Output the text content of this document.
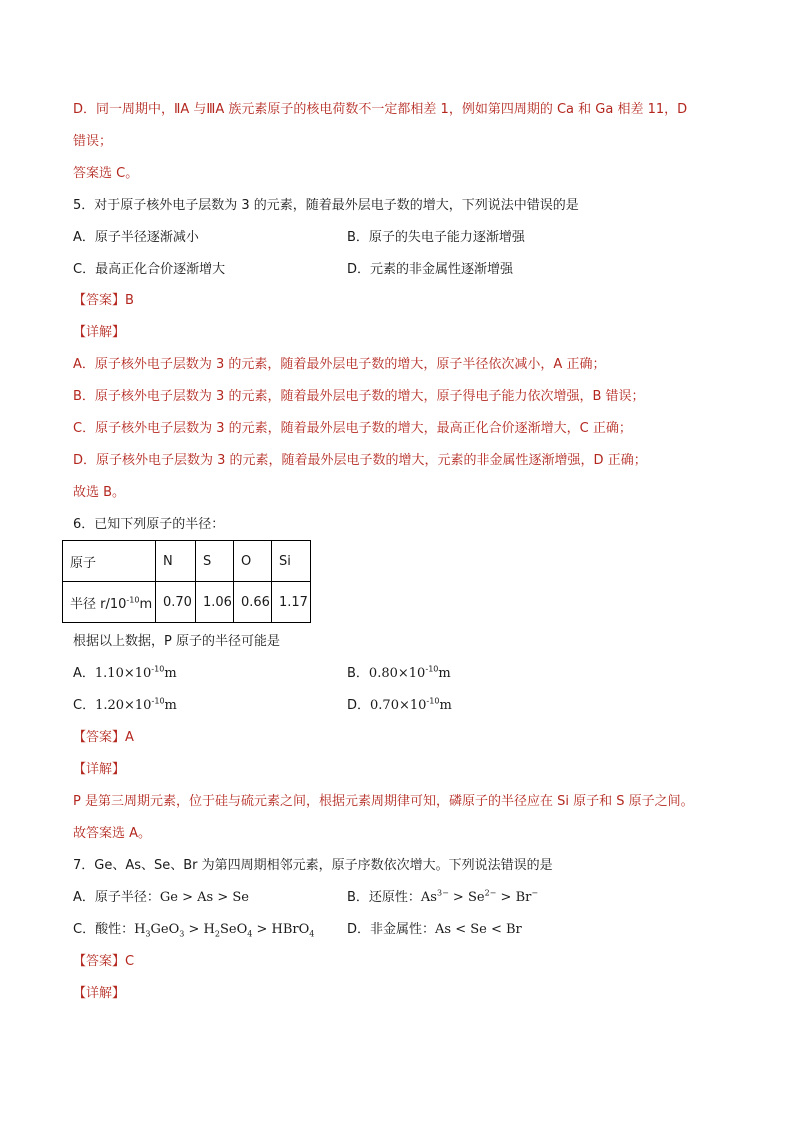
D．同一周期中，ⅡA 与ⅢA 族元素原子的核电荷数不一定都相差 1，例如第四周期的 Ca 和 Ga 相差 11，D
错误；
答案选 C。
5．对于原子核外电子层数为 3 的元素，随着最外层电子数的增大，下列说法中错误的是
A．原子半径逐渐减小	B．原子的失电子能力逐渐增强
C．最高正化合价逐渐增大	D．元素的非金属性逐渐增强
【答案】B
【详解】
A．原子核外电子层数为 3 的元素，随着最外层电子数的增大，原子半径依次减小，A 正确；
B．原子核外电子层数为 3 的元素，随着最外层电子数的增大，原子得电子能力依次增强，B 错误；
C．原子核外电子层数为 3 的元素，随着最外层电子数的增大，最高正化合价逐渐增大，C 正确；
D．原子核外电子层数为 3 的元素，随着最外层电子数的增大，元素的非金属性逐渐增强，D 正确；
故选 B。
6．已知下列原子的半径：
原子	N	S	O	Si
半径 $r/10^{-10}m$	0.70	1.06	0.66	1.17
根据以上数据，P 原子的半径可能是
A．$1.10\times 10^{-10}m$	B．$0.80\times 10^{-10}m$
C．$1.20\times 10^{-10}m$	D．$0.70\times 10^{-10}m$
【答案】A
【详解】
P 是第三周期元素，位于硅与硫元素之间，根据元素周期律可知，磷原子的半径应在 Si 原子和 S 原子之间。
故答案选 A。
7．Ge、As、Se、Br 为第四周期相邻元素，原子序数依次增大。下列说法错误的是
A．原子半径：Ge > As > Se	B．还原性：$As^{3-} > Se^{2-} > Br^-$
C．酸性：$H_3GeO_3 > H_2SeO_4$ > HBrO$_4$	D．非金属性：As < Se < Br
【答案】C
【详解】
